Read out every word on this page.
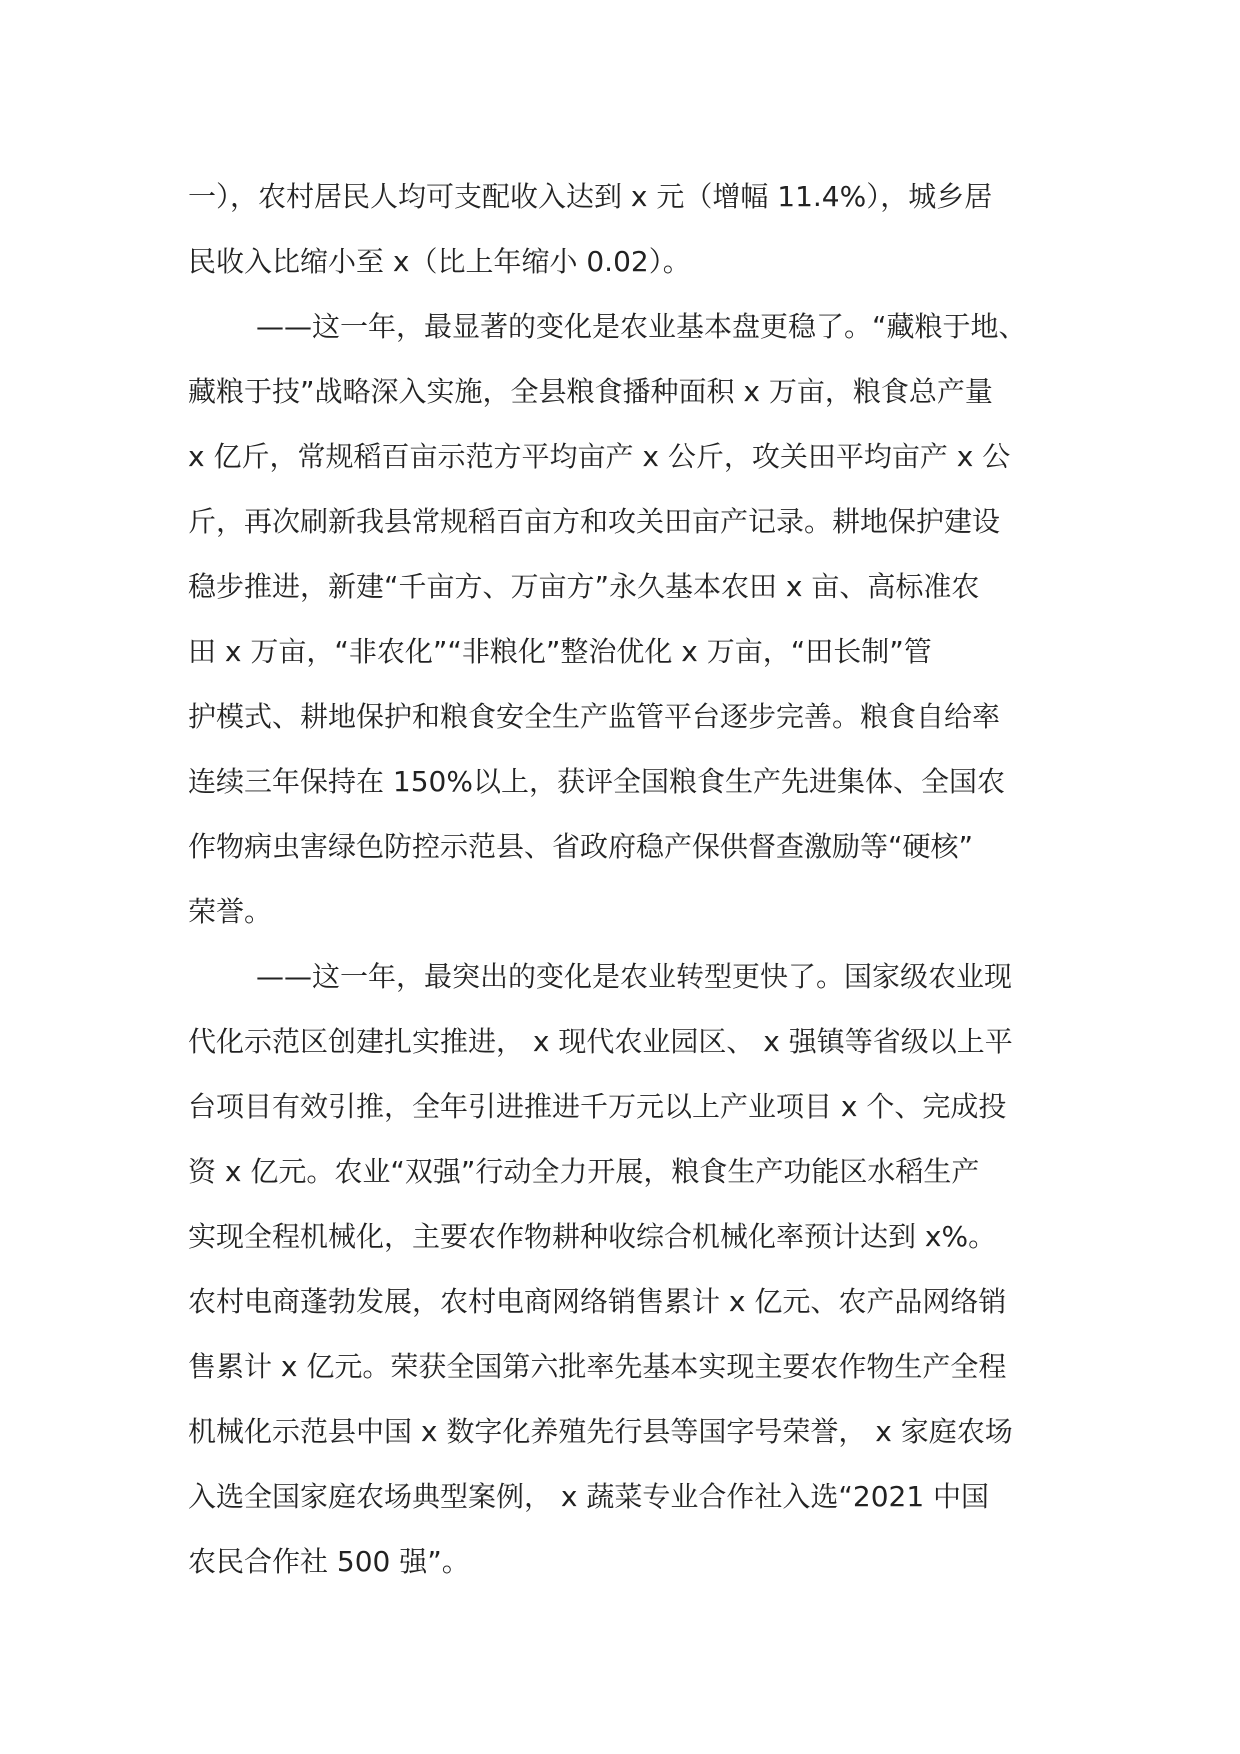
一），农村居民人均可支配收入达到 x 元（增幅 11.4%），城乡居
民收入比缩小至 x（比上年缩小 0.02）。
——这一年，最显著的变化是农业基本盘更稳了。“藏粮于地、
藏粮于技”战略深入实施，全县粮食播种面积 x 万亩，粮食总产量
x 亿斤，常规稻百亩示范方平均亩产 x 公斤，攻关田平均亩产 x 公
斤，再次刷新我县常规稻百亩方和攻关田亩产记录。耕地保护建设
稳步推进，新建“千亩方、万亩方”永久基本农田 x 亩、高标准农
田 x 万亩，“非农化”“非粮化”整治优化 x 万亩，“田长制”管
护模式、耕地保护和粮食安全生产监管平台逐步完善。粮食自给率
连续三年保持在 150%以上，获评全国粮食生产先进集体、全国农
作物病虫害绿色防控示范县、省政府稳产保供督查激励等“硬核”
荣誉。
——这一年，最突出的变化是农业转型更快了。国家级农业现
代化示范区创建扎实推进， x 现代农业园区、 x 强镇等省级以上平
台项目有效引推，全年引进推进千万元以上产业项目 x 个、完成投
资 x 亿元。农业“双强”行动全力开展，粮食生产功能区水稻生产
实现全程机械化，主要农作物耕种收综合机械化率预计达到 x%。
农村电商蓬勃发展，农村电商网络销售累计 x 亿元、农产品网络销
售累计 x 亿元。荣获全国第六批率先基本实现主要农作物生产全程
机械化示范县中国 x 数字化养殖先行县等国字号荣誉， x 家庭农场
入选全国家庭农场典型案例， x 蔬菜专业合作社入选“2021 中国
农民合作社 500 强”。
